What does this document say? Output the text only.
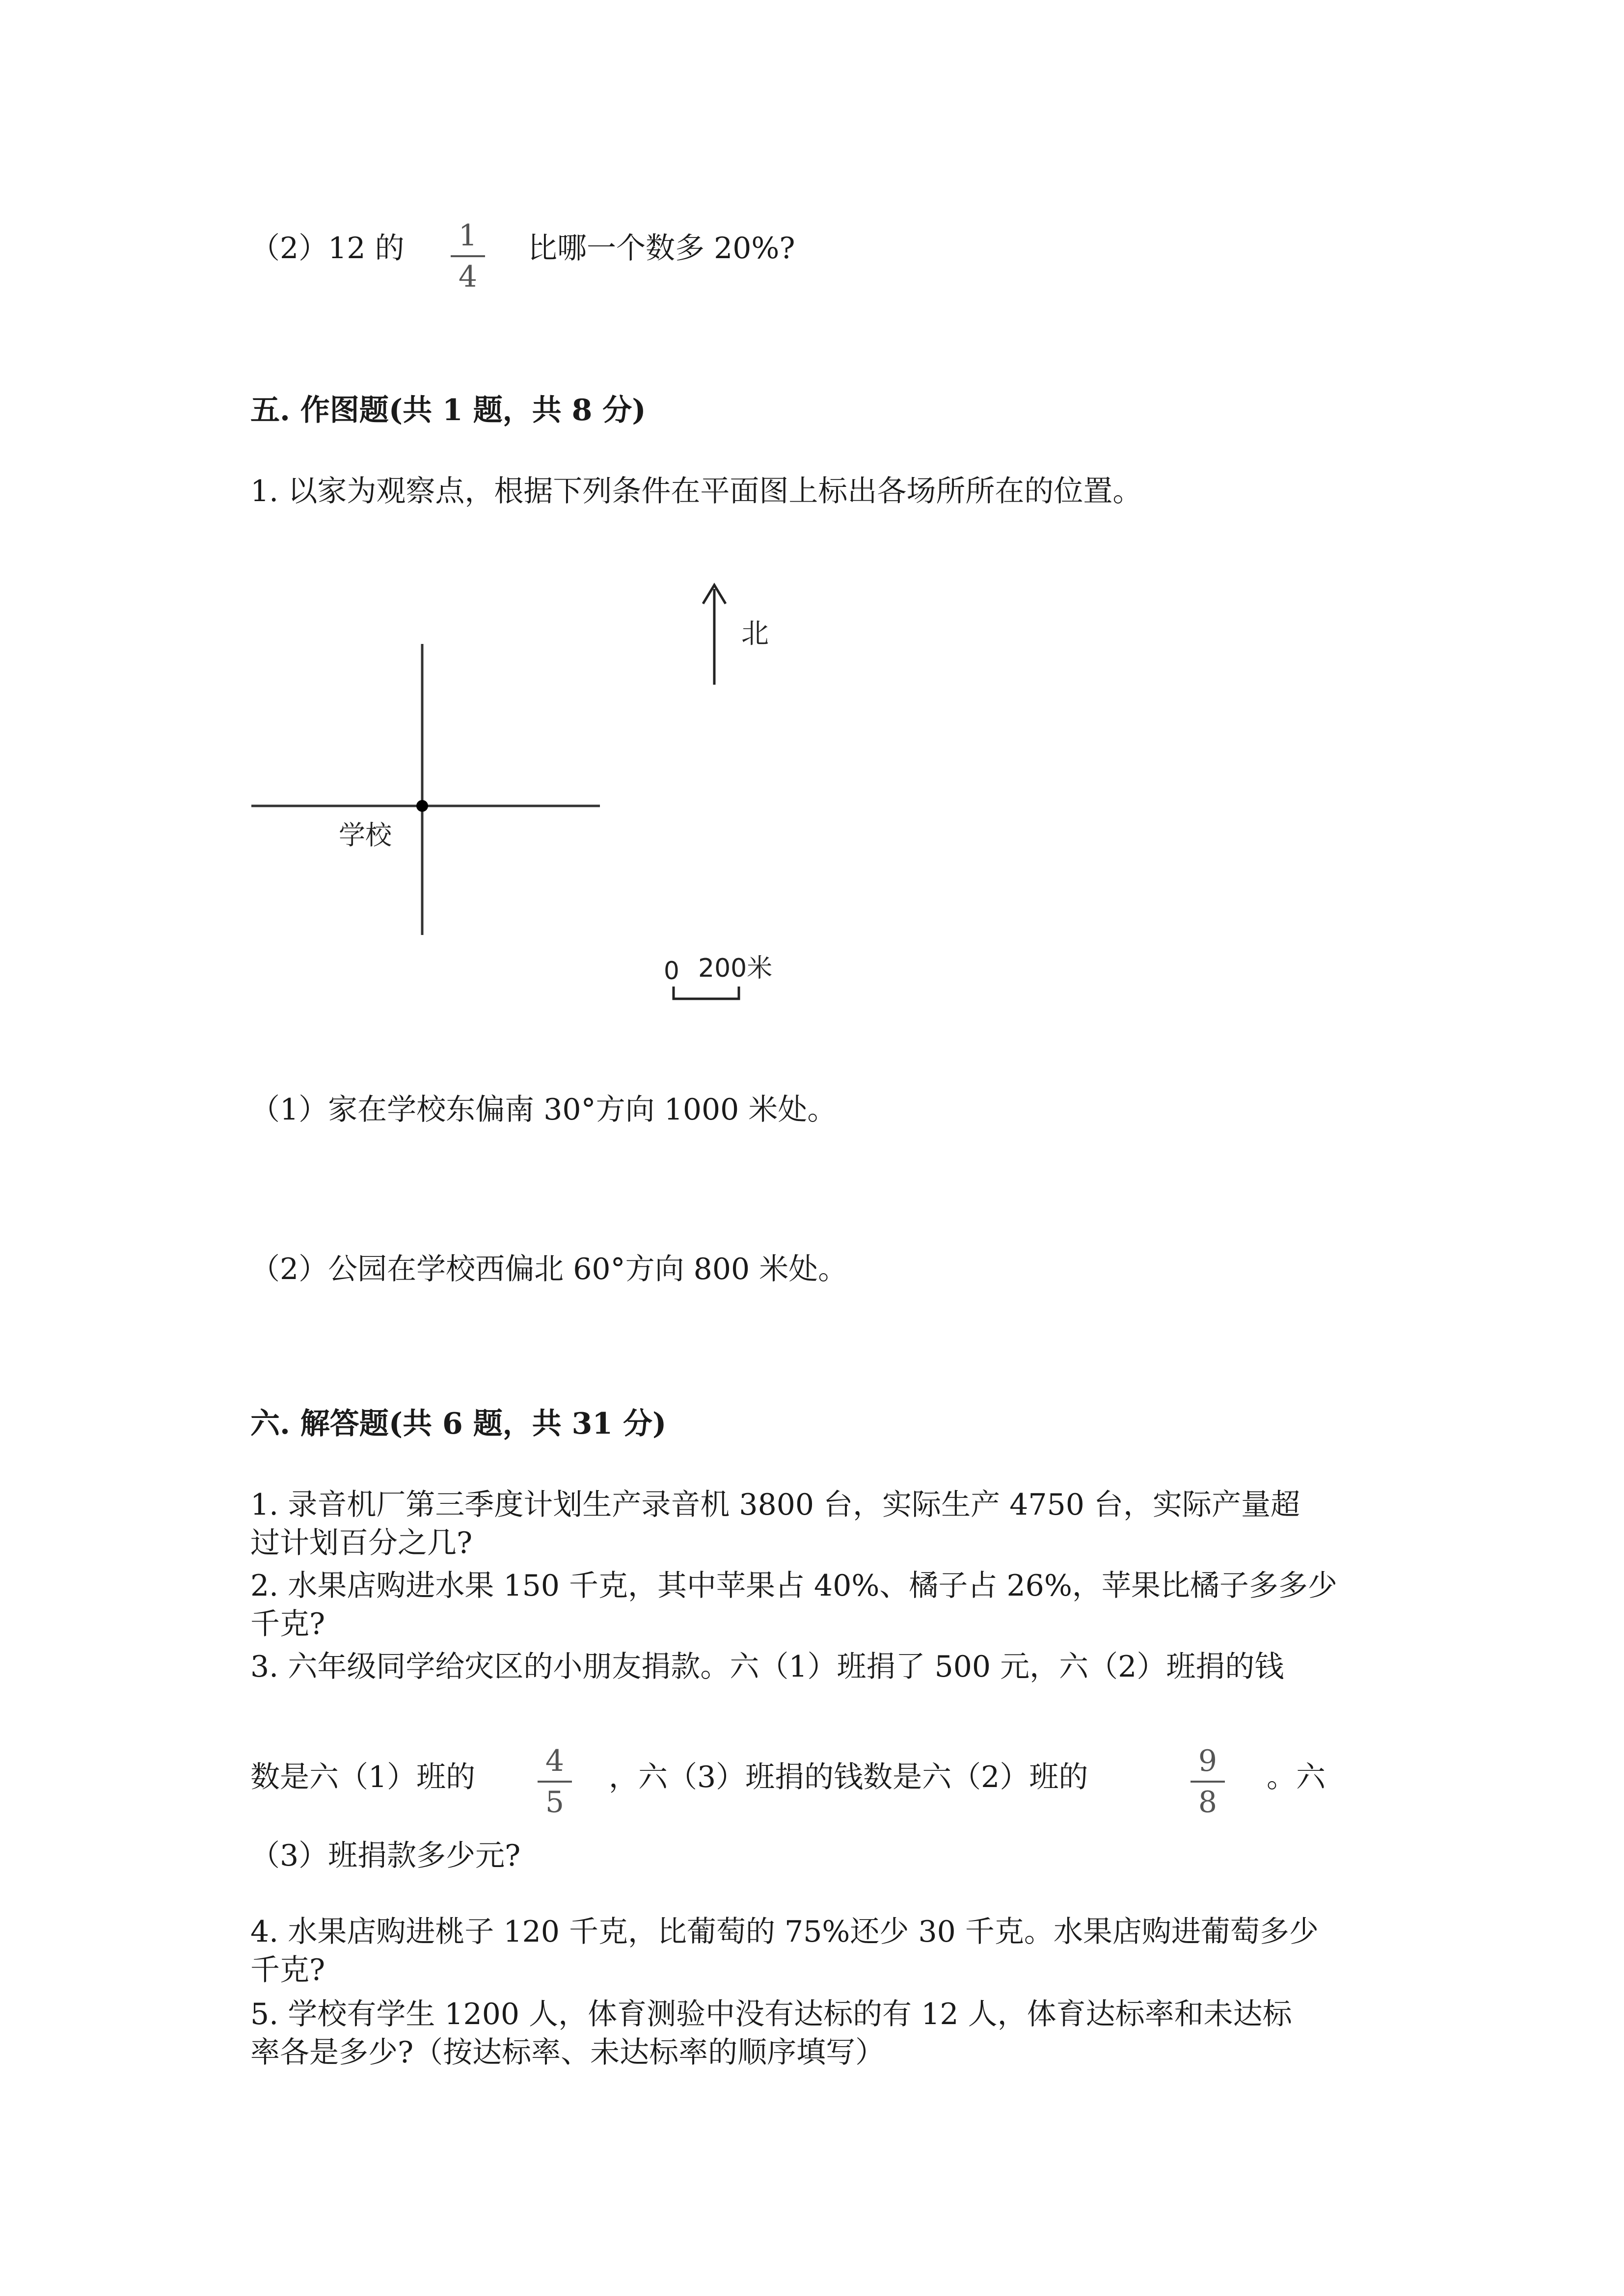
（2）12 的 1
4
比哪一个数多 20%?
五. 作图题(共 1 题，共 8 分)
1. 以家为观察点，根据下列条件在平面图上标出各场所所在的位置。
北
学校
0 200米
（1）家在学校东偏南 30°方向 1000 米处。
（2）公园在学校西偏北 60°方向 800 米处。
六. 解答题(共 6 题，共 31 分)
1. 录音机厂第三季度计划生产录音机 3800 台，实际生产 4750 台，实际产量超
过计划百分之几?
2. 水果店购进水果 150 千克，其中苹果占 40%、橘子占 26%，苹果比橘子多多少
千克?
3. 六年级同学给灾区的小朋友捐款。六（1）班捐了 500 元，六（2）班捐的钱
数是六（1）班的 4
5
，六（3）班捐的钱数是六（2）班的	9
8
。六
（3）班捐款多少元?
4. 水果店购进桃子 120 千克，比葡萄的 75%还少 30 千克。水果店购进葡萄多少
千克?
5. 学校有学生 1200 人，体育测验中没有达标的有 12 人，体育达标率和未达标
率各是多少?（按达标率、未达标率的顺序填写）
